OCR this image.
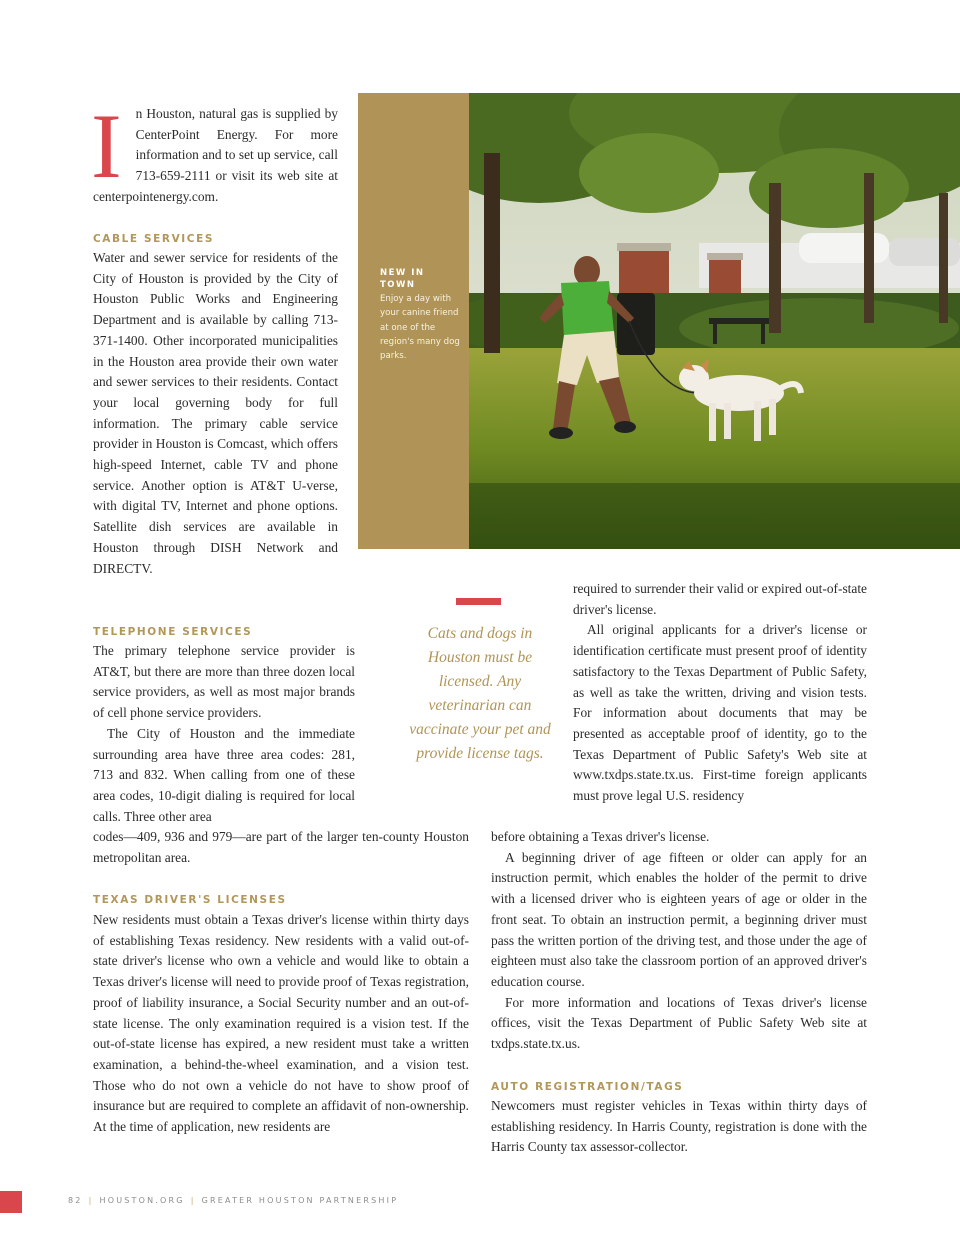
I n Houston, natural gas is supplied by CenterPoint Energy. For more information and to set up service, call 713-659-2111 or visit its web site at centerpointenergy.com.
CABLE SERVICES

Water and sewer service for residents of the City of Houston is provided by the City of Houston Public Works and Engineering Department and is available by calling 713-371-1400. Other incorporated municipalities in the Houston area provide their own water and sewer services to their residents. Contact your local governing body for full information. The primary cable service provider in Houston is Comcast, which offers high-speed Internet, cable TV and phone service. Another option is AT&T U-verse, with digital TV, Internet and phone options. Satellite dish services are available in Houston through DISH Network and DIRECTV.

NEW IN TOWN
Enjoy a day with your canine friend at one of the region's many dog parks.
Cats and dogs in Houston must be licensed. Any veterinarian can vaccinate your pet and provide license tags.
TELEPHONE SERVICES

The primary telephone service provider is AT&T, but there are more than three dozen local service providers, as well as most major brands of cell phone service providers.

The City of Houston and the immediate surrounding area have three area codes: 281, 713 and 832. When calling from one of these area codes, 10-digit dialing is required for local calls. Three other area

codes—409, 936 and 979—are part of the larger ten-county Houston metropolitan area.

TEXAS DRIVER'S LICENSES

New residents must obtain a Texas driver's license within thirty days of establishing Texas residency. New residents with a valid out-of-state driver's license who own a vehicle and would like to obtain a Texas driver's license will need to provide proof of Texas registration, proof of liability insurance, a Social Security number and an out-of-state license. The only examination required is a vision test. If the out-of-state license has expired, a new resident must take a written examination, a behind-the-wheel examination, and a vision test. Those who do not own a vehicle do not have to show proof of insurance but are required to complete an affidavit of non-ownership. At the time of application, new residents are

required to surrender their valid or expired out-of-state driver's license.

All original applicants for a driver's license or identification certificate must present proof of identity satisfactory to the Texas Department of Public Safety, as well as take the written, driving and vision tests. For information about documents that may be presented as acceptable proof of identity, go to the Texas Department of Public Safety's Web site at www.txdps.state.tx.us. First-time foreign applicants must prove legal U.S. residency

before obtaining a Texas driver's license.

A beginning driver of age fifteen or older can apply for an instruction permit, which enables the holder of the permit to drive with a licensed driver who is eighteen years of age or older in the front seat. To obtain an instruction permit, a beginning driver must pass the written portion of the driving test, and those under the age of eighteen must also take the classroom portion of an approved driver's education course.

For more information and locations of Texas driver's license offices, visit the Texas Department of Public Safety Web site at txdps.state.tx.us.

AUTO REGISTRATION/TAGS

Newcomers must register vehicles in Texas within thirty days of establishing residency. In Harris County, registration is done with the Harris County tax assessor-collector.

82 | HOUSTON.ORG | GREATER HOUSTON PARTNERSHIP
